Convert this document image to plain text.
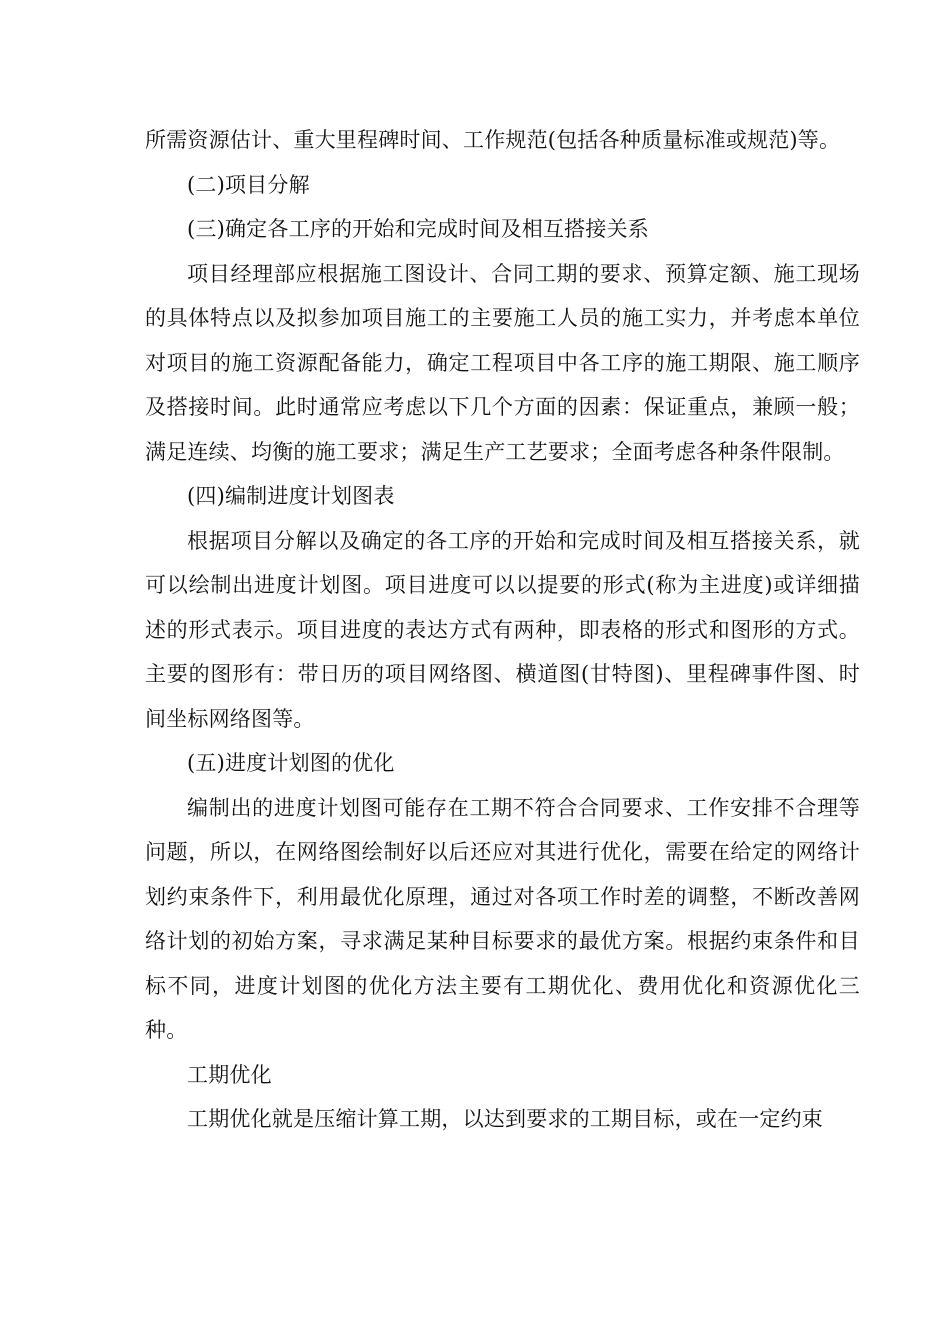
所需资源估计、重大里程碑时间、工作规范(包括各种质量标准或规范)等。

(二)项目分解

(三)确定各工序的开始和完成时间及相互搭接关系

项目经理部应根据施工图设计、合同工期的要求、预算定额、施工现场的具体特点以及拟参加项目施工的主要施工人员的施工实力，并考虑本单位对项目的施工资源配备能力，确定工程项目中各工序的施工期限、施工顺序及搭接时间。此时通常应考虑以下几个方面的因素：保证重点，兼顾一般；满足连续、均衡的施工要求；满足生产工艺要求；全面考虑各种条件限制。

(四)编制进度计划图表

根据项目分解以及确定的各工序的开始和完成时间及相互搭接关系，就可以绘制出进度计划图。项目进度可以以提要的形式(称为主进度)或详细描述的形式表示。项目进度的表达方式有两种，即表格的形式和图形的方式。主要的图形有：带日历的项目网络图、横道图(甘特图)、里程碑事件图、时间坐标网络图等。

(五)进度计划图的优化

编制出的进度计划图可能存在工期不符合合同要求、工作安排不合理等问题，所以，在网络图绘制好以后还应对其进行优化，需要在给定的网络计划约束条件下，利用最优化原理，通过对各项工作时差的调整，不断改善网络计划的初始方案，寻求满足某种目标要求的最优方案。根据约束条件和目标不同，进度计划图的优化方法主要有工期优化、费用优化和资源优化三种。

工期优化

工期优化就是压缩计算工期，以达到要求的工期目标，或在一定约束
